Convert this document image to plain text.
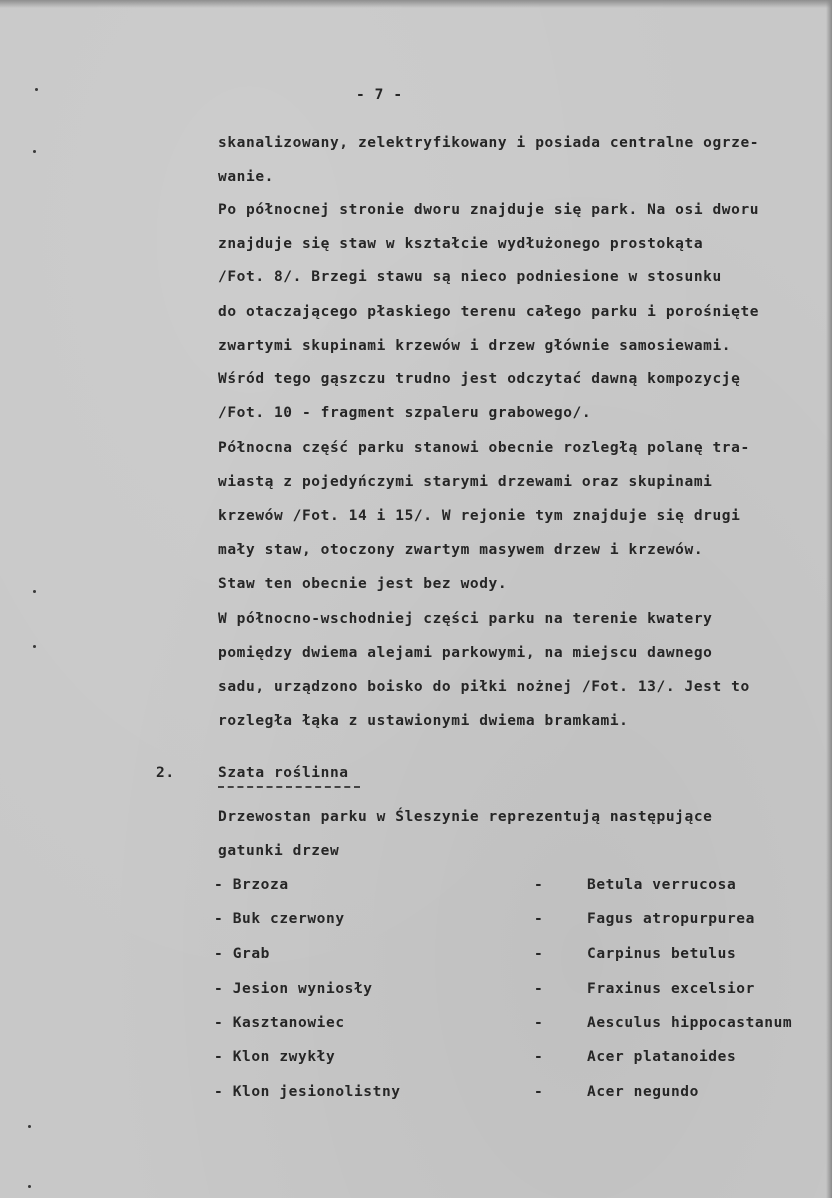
- 7 -
skanalizowany, zelektryfikowany i posiada centralne ogrze-
wanie.
Po północnej stronie dworu znajduje się park. Na osi dworu
znajduje się staw w kształcie wydłużonego prostokąta
/Fot. 8/. Brzegi stawu są nieco podniesione w stosunku
do otaczającego płaskiego terenu całego parku i porośnięte
zwartymi skupinami krzewów i drzew głównie samosiewami.
Wśród tego gąszczu trudno jest odczytać dawną kompozycję
/Fot. 10 - fragment szpaleru grabowego/.
Północna część parku stanowi obecnie rozległą polanę tra-
wiastą z pojedyńczymi starymi drzewami oraz skupinami
krzewów /Fot. 14 i 15/. W rejonie tym znajduje się drugi
mały staw, otoczony zwartym masywem drzew i krzewów.
Staw ten obecnie jest bez wody.
W północno-wschodniej części parku na terenie kwatery
pomiędzy dwiema alejami parkowymi, na miejscu dawnego
sadu, urządzono boisko do piłki nożnej /Fot. 13/. Jest to
rozległa łąka z ustawionymi dwiema bramkami.
2.	Szata roślinna
Drzewostan parku w Śleszynie reprezentują następujące
gatunki drzew
- Brzoza	-	Betula verrucosa
- Buk czerwony	-	Fagus atropurpurea
- Grab	-	Carpinus betulus
- Jesion wyniosły	-	Fraxinus excelsior
- Kasztanowiec	-	Aesculus hippocastanum
- Klon zwykły	-	Acer platanoides
- Klon jesionolistny	-	Acer negundo
